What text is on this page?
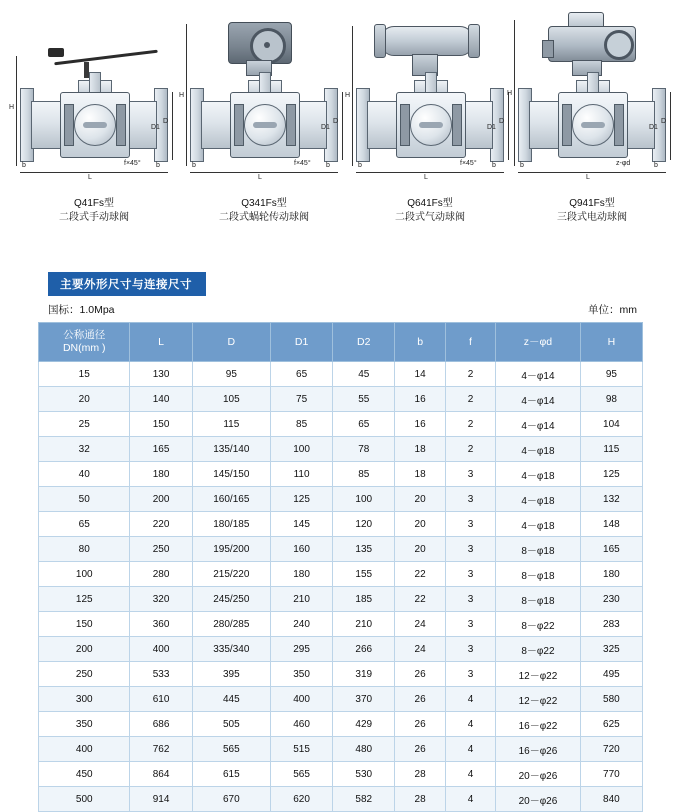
L
b	b
f×45°
D
D1
H
Q41Fs型
二段式手动球阀
L
b	b
f×45°
D
D1
H
Q341Fs型
二段式蜗轮传动球阀
L
b	b
f×45°
D
D1
H
Q641Fs型
二段式气动球阀
L
b	b
z-φd
D
D1
H
Q941Fs型
三段式电动球阀
主要外形尺寸与连接尺寸
国标：1.0Mpa	单位：mm
公称通径
DN(mm )	L	D	D1	D2	b	f	z－φd	H
15	130	95	65	45	14	2	4－φ14	95
20	140	105	75	55	16	2	4－φ14	98
25	150	115	85	65	16	2	4－φ14	104
32	165	135/140	100	78	18	2	4－φ18	115
40	180	145/150	110	85	18	3	4－φ18	125
50	200	160/165	125	100	20	3	4－φ18	132
65	220	180/185	145	120	20	3	4－φ18	148
80	250	195/200	160	135	20	3	8－φ18	165
100	280	215/220	180	155	22	3	8－φ18	180
125	320	245/250	210	185	22	3	8－φ18	230
150	360	280/285	240	210	24	3	8－φ22	283
200	400	335/340	295	266	24	3	8－φ22	325
250	533	395	350	319	26	3	12－φ22	495
300	610	445	400	370	26	4	12－φ22	580
350	686	505	460	429	26	4	16－φ22	625
400	762	565	515	480	26	4	16－φ26	720
450	864	615	565	530	28	4	20－φ26	770
500	914	670	620	582	28	4	20－φ26	840
